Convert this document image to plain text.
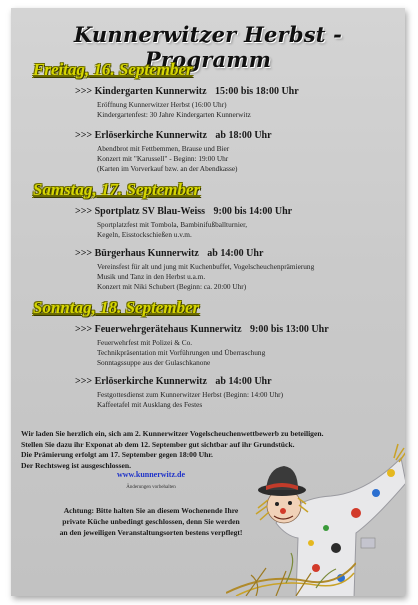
Kunnerwitzer Herbst - Programm
Freitag, 16. September
>>> Kindergarten Kunnerwitz 15:00 bis 18:00 Uhr
Eröffnung Kunnerwitzer Herbst (16:00 Uhr)
Kindergartenfest: 30 Jahre Kindergarten Kunnerwitz
>>> Erlöserkirche Kunnerwitz ab 18:00 Uhr
Abendbrot mit Fettbemmen, Brause und Bier
Konzert mit "Karussell" - Beginn: 19:00 Uhr
(Karten im Vorverkauf bzw. an der Abendkasse)
Samstag, 17. September
>>> Sportplatz SV Blau-Weiss 9:00 bis 14:00 Uhr
Sportplatzfest mit Tombola, Bambinifußballturnier,
Kegeln, Eisstockschießen u.v.m.
>>> Bürgerhaus Kunnerwitz ab 14:00 Uhr
Vereinsfest für alt und jung mit Kuchenbuffet, Vogelscheuchenprämierung
Musik und Tanz in den Herbst u.a.m.
Konzert mit Niki Schubert (Beginn: ca. 20:00 Uhr)
Sonntag, 18. September
>>> Feuerwehrgerätehaus Kunnerwitz 9:00 bis 13:00 Uhr
Feuerwehrfest mit Polizei & Co.
Technikpräsentation mit Vorführungen und Überraschung
Sonntagssuppe aus der Gulaschkanone
>>> Erlöserkirche Kunnerwitz ab 14:00 Uhr
Festgottesdienst zum Kunnerwitzer Herbst (Beginn: 14:00 Uhr)
Kaffeetafel mit Ausklang des Festes
Wir laden Sie herzlich ein, sich am 2. Kunnerwitzer Vogelscheuchenwettbewerb zu beteiligen.
Stellen Sie dazu ihr Exponat ab dem 12. September gut sichtbar auf ihr Grundstück.
Die Prämierung erfolgt am 17. September gegen 18:00 Uhr.
Der Rechtsweg ist ausgeschlossen.
www.kunnerwitz.de
Änderungen vorbehalten
Achtung: Bitte halten Sie an diesem Wochenende Ihre
private Küche unbedingt geschlossen, denn Sie werden
an den jeweiligen Veranstaltungsorten bestens verpflegt!
